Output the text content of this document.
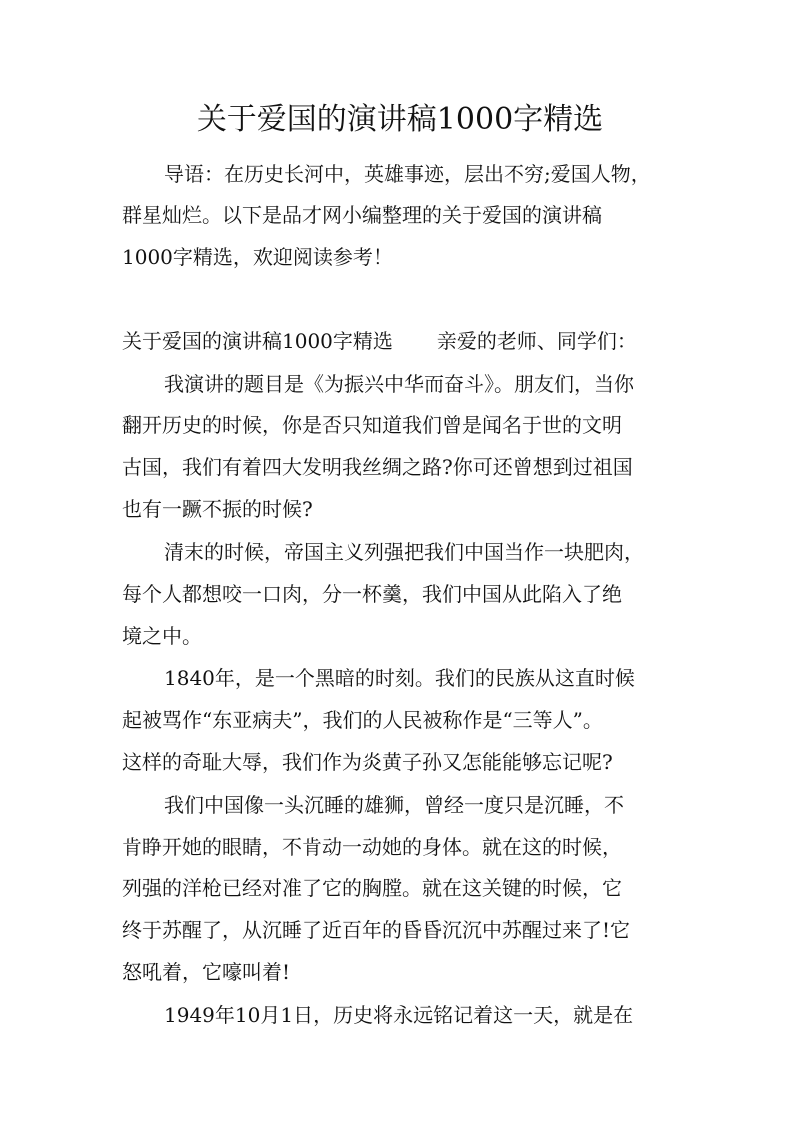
关于爱国的演讲稿1000字精选

导语：在历史长河中，英雄事迹，层出不穷;爱国人物，

群星灿烂。以下是品才网小编整理的关于爱国的演讲稿

1000字精选，欢迎阅读参考！

关于爱国的演讲稿1000字精选 亲爱的老师、同学们：

我演讲的题目是《为振兴中华而奋斗》。朋友们，当你

翻开历史的时候，你是否只知道我们曾是闻名于世的文明

古国，我们有着四大发明我丝绸之路?你可还曾想到过祖国

也有一蹶不振的时候?

清末的时候，帝国主义列强把我们中国当作一块肥肉，

每个人都想咬一口肉，分一杯羹，我们中国从此陷入了绝

境之中。

1840年，是一个黑暗的时刻。我们的民族从这直时候

起被骂作“东亚病夫”，我们的人民被称作是“三等人”。

这样的奇耻大辱，我们作为炎黄子孙又怎能能够忘记呢?

我们中国像一头沉睡的雄狮，曾经一度只是沉睡，不

肯睁开她的眼睛，不肯动一动她的身体。就在这的时候，

列强的洋枪已经对准了它的胸膛。就在这关键的时候，它

终于苏醒了，从沉睡了近百年的昏昏沉沉中苏醒过来了!它

怒吼着，它嚎叫着!

1949年10月1日，历史将永远铭记着这一天，就是在
